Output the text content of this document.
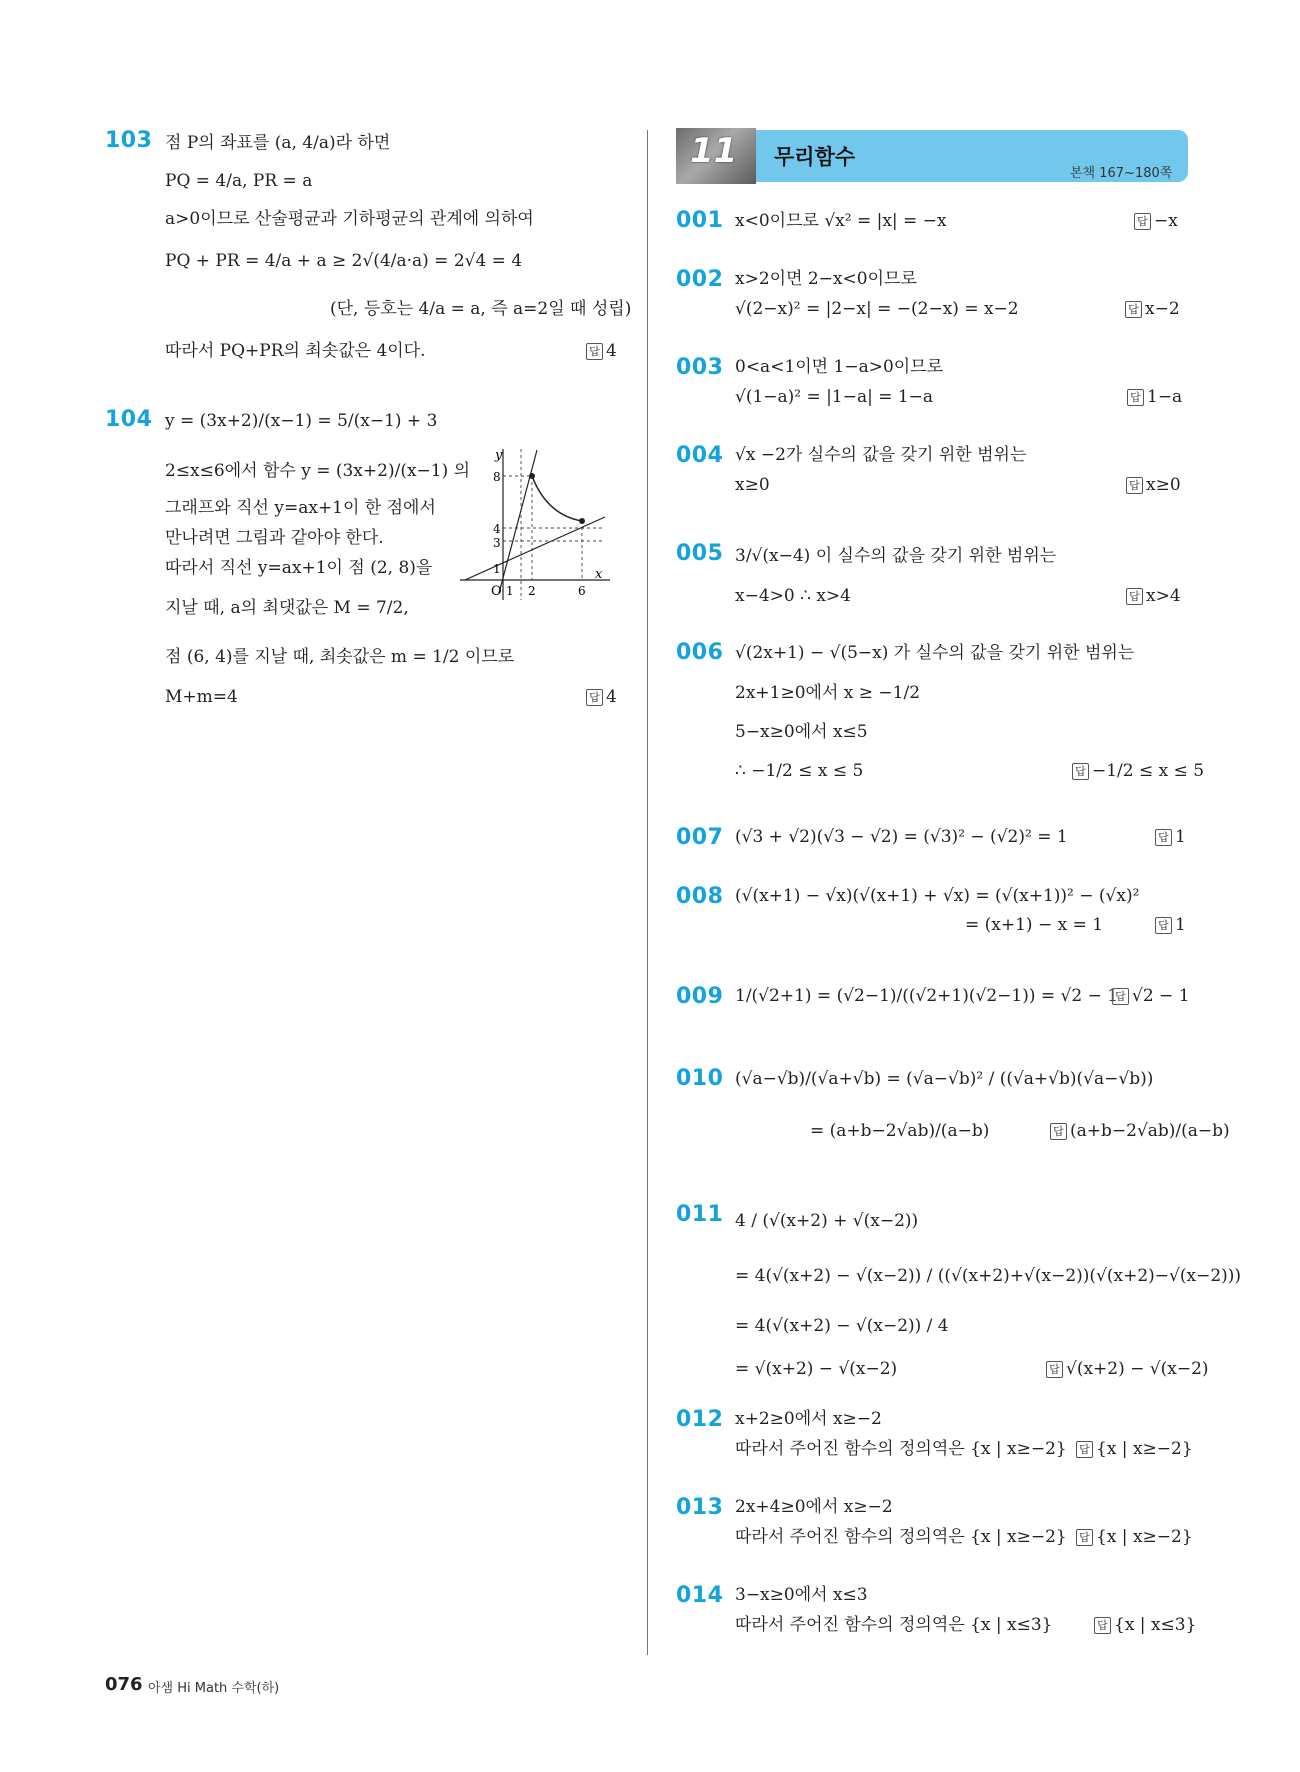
103 점 P의 좌표를 (a, 4/a)라 하면
PQ = 4/a, PR = a
a>0이므로 산술평균과 기하평균의 관계에 의하여
PQ + PR = 4/a + a ≥ 2√(4/a·a) = 2√4 = 4
(단, 등호는 4/a = a, 즉 a=2일 때 성립)
따라서 PQ+PR의 최솟값은 4이다.	답 4
104 y = (3x+2)/(x−1) = 5/(x−1) + 3
2≤x≤6에서 함수 y = (3x+2)/(x−1) 의
그래프와 직선 y=ax+1이 한 점에서
만나려면 그림과 같아야 한다.
따라서 직선 y=ax+1이 점 (2, 8)을
지날 때, a의 최댓값은 M = 7/2,
점 (6, 4)를 지날 때, 최솟값은 m = 1/2 이므로
M+m=4	답 4
y
x
O 1 2	6
1
3
4
8
11 무리함수
본책 167~180쪽
001 x<0이므로 √x² = |x| = −x	답 −x
002 x>2이면 2−x<0이므로
√(2−x)² = |2−x| = −(2−x) = x−2	답 x−2
003 0<a<1이면 1−a>0이므로
√(1−a)² = |1−a| = 1−a	답 1−a
004 √x −2가 실수의 값을 갖기 위한 범위는
x≥0	답 x≥0
005 3/√(x−4) 이 실수의 값을 갖기 위한 범위는
x−4>0 ∴ x>4	답 x>4
006 √(2x+1) − √(5−x) 가 실수의 값을 갖기 위한 범위는
2x+1≥0에서 x ≥ −1/2
5−x≥0에서 x≤5
∴ −1/2 ≤ x ≤ 5	답 −1/2 ≤ x ≤ 5
007 (√3 + √2)(√3 − √2) = (√3)² − (√2)² = 1	답 1
008 (√(x+1) − √x)(√(x+1) + √x) = (√(x+1))² − (√x)²
= (x+1) − x = 1	답 1
009 1/(√2+1) = (√2−1)/((√2+1)(√2−1)) = √2 − 1
답 √2 − 1
010 (√a−√b)/(√a+√b) = (√a−√b)² / ((√a+√b)(√a−√b))
= (a+b−2√ab)/(a−b)	답 (a+b−2√ab)/(a−b)
011 4 / (√(x+2) + √(x−2))
= 4(√(x+2) − √(x−2)) / ((√(x+2)+√(x−2))(√(x+2)−√(x−2)))
= 4(√(x+2) − √(x−2)) / 4
= √(x+2) − √(x−2)	답 √(x+2) − √(x−2)
012 x+2≥0에서 x≥−2
따라서 주어진 함수의 정의역은 {x | x≥−2} 답 {x | x≥−2}
013 2x+4≥0에서 x≥−2
따라서 주어진 함수의 정의역은 {x | x≥−2} 답 {x | x≥−2}
014 3−x≥0에서 x≤3
따라서 주어진 함수의 정의역은 {x | x≤3}	답 {x | x≤3}
076 아샘 Hi Math 수학(하)
